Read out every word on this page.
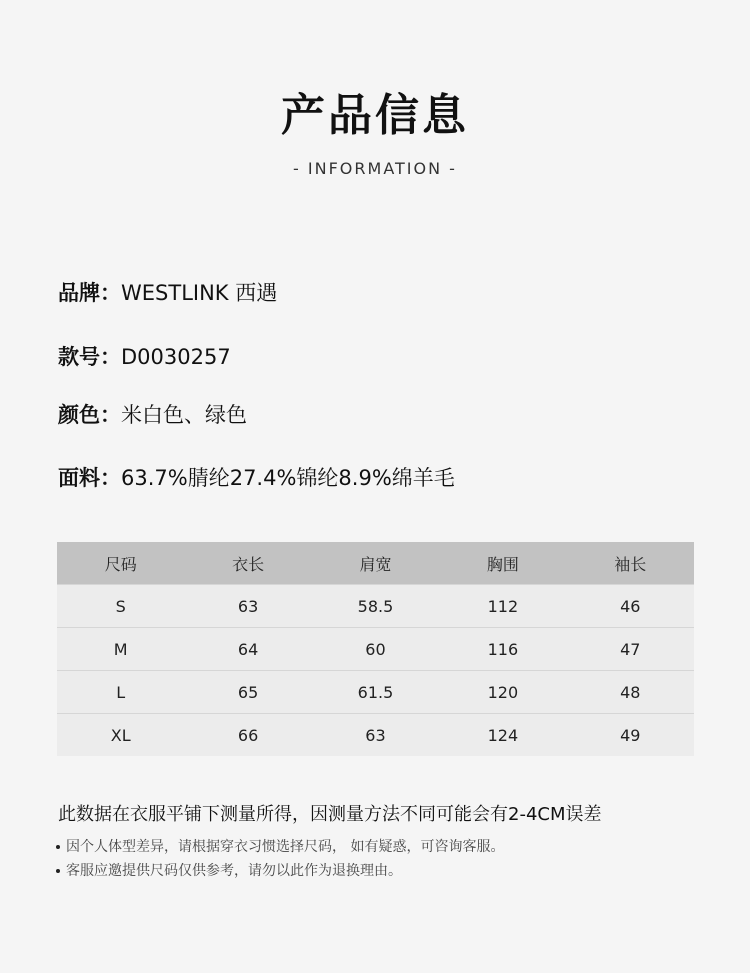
产品信息
- INFORMATION -
品牌：WESTLINK 西遇
款号：D0030257
颜色：米白色、绿色
面料：63.7%腈纶27.4%锦纶8.9%绵羊毛
尺码	衣长	肩宽	胸围	袖长
S	63	58.5	112	46
M	64	60	116	47
L	65	61.5	120	48
XL	66	63	124	49
此数据在衣服平铺下测量所得，因测量方法不同可能会有2-4CM误差
因个人体型差异，请根据穿衣习惯选择尺码， 如有疑惑，可咨询客服。
客服应邀提供尺码仅供参考，请勿以此作为退换理由。
